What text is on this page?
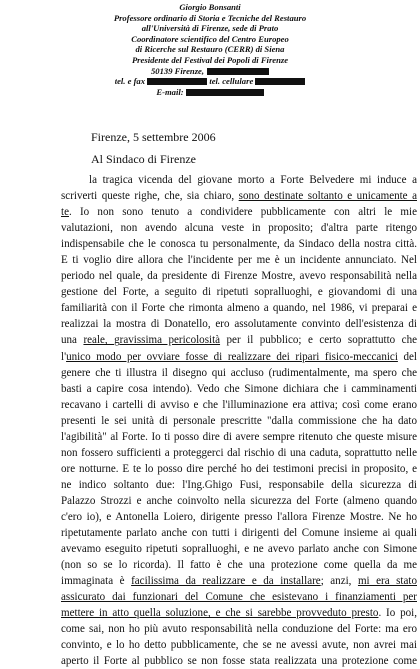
Giorgio Bonsanti
Professore ordinario di Storia e Tecniche del Restauro
all'Università di Firenze, sede di Prato
Coordinatore scientifico del Centro Europeo
di Ricerche sul Restauro (CERR) di Siena
Presidente del Festival dei Popoli di Firenze
50139 Firenze,
tel. e fax	tel. cellulare
E-mail:
Firenze, 5 settembre 2006
Al Sindaco di Firenze
la tragica vicenda del giovane morto a Forte Belvedere mi induce a
scriverti queste righe, che, sia chiaro, sono destinate soltanto e unicamente a
te. Io non sono tenuto a condividere pubblicamente con altri le mie
valutazioni, non avendo alcuna veste in proposito; d'altra parte ritengo
indispensabile che le conosca tu personalmente, da Sindaco della nostra città.
E ti voglio dire allora che l'incidente per me è un incidente annunciato. Nel
periodo nel quale, da presidente di Firenze Mostre, avevo responsabilità nella
gestione del Forte, a seguito di ripetuti sopralluoghi, e giovandomi di una
familiarità con il Forte che rimonta almeno a quando, nel 1986, vi preparai e
realizzai la mostra di Donatello, ero assolutamente convinto dell'esistenza di
una reale, gravissima pericolosità per il pubblico; e certo soprattutto che
l'unico modo per ovviare fosse di realizzare dei ripari fisico-meccanici del
genere che ti illustra il disegno qui accluso (rudimentalmente, ma spero che
basti a capire cosa intendo). Vedo che Simone dichiara che i camminamenti
recavano i cartelli di avviso e che l'illuminazione era attiva; così come erano
presenti le sei unità di personale prescritte "dalla commissione che ha dato
l'agibilità" al Forte. Io ti posso dire di avere sempre ritenuto che queste misure
non fossero sufficienti a proteggerci dal rischio di una caduta, soprattutto nelle
ore notturne. E te lo posso dire perché ho dei testimoni precisi in proposito, e
ne indico soltanto due: l'Ing.Ghigo Fusi, responsabile della sicurezza di
Palazzo Strozzi e anche coinvolto nella sicurezza del Forte (almeno quando
c'ero io), e Antonella Loiero, dirigente presso l'allora Firenze Mostre. Ne ho
ripetutamente parlato anche con tutti i dirigenti del Comune insieme ai quali
avevamo eseguito ripetuti sopralluoghi, e ne avevo parlato anche con Simone
(non so se lo ricorda). Il fatto è che una protezione come quella da me
immaginata è facilissima da realizzare e da installare; anzi, mi era stato
assicurato dai funzionari del Comune che esistevano i finanziamenti per
mettere in atto quella soluzione, e che si sarebbe provveduto presto. Io poi,
come sai, non ho più avuto responsabilità nella conduzione del Forte: ma ero
convinto, e lo ho detto pubblicamente, che se ne avessi avute, non avrei mai
aperto il Forte al pubblico se non fosse stata realizzata una protezione come
